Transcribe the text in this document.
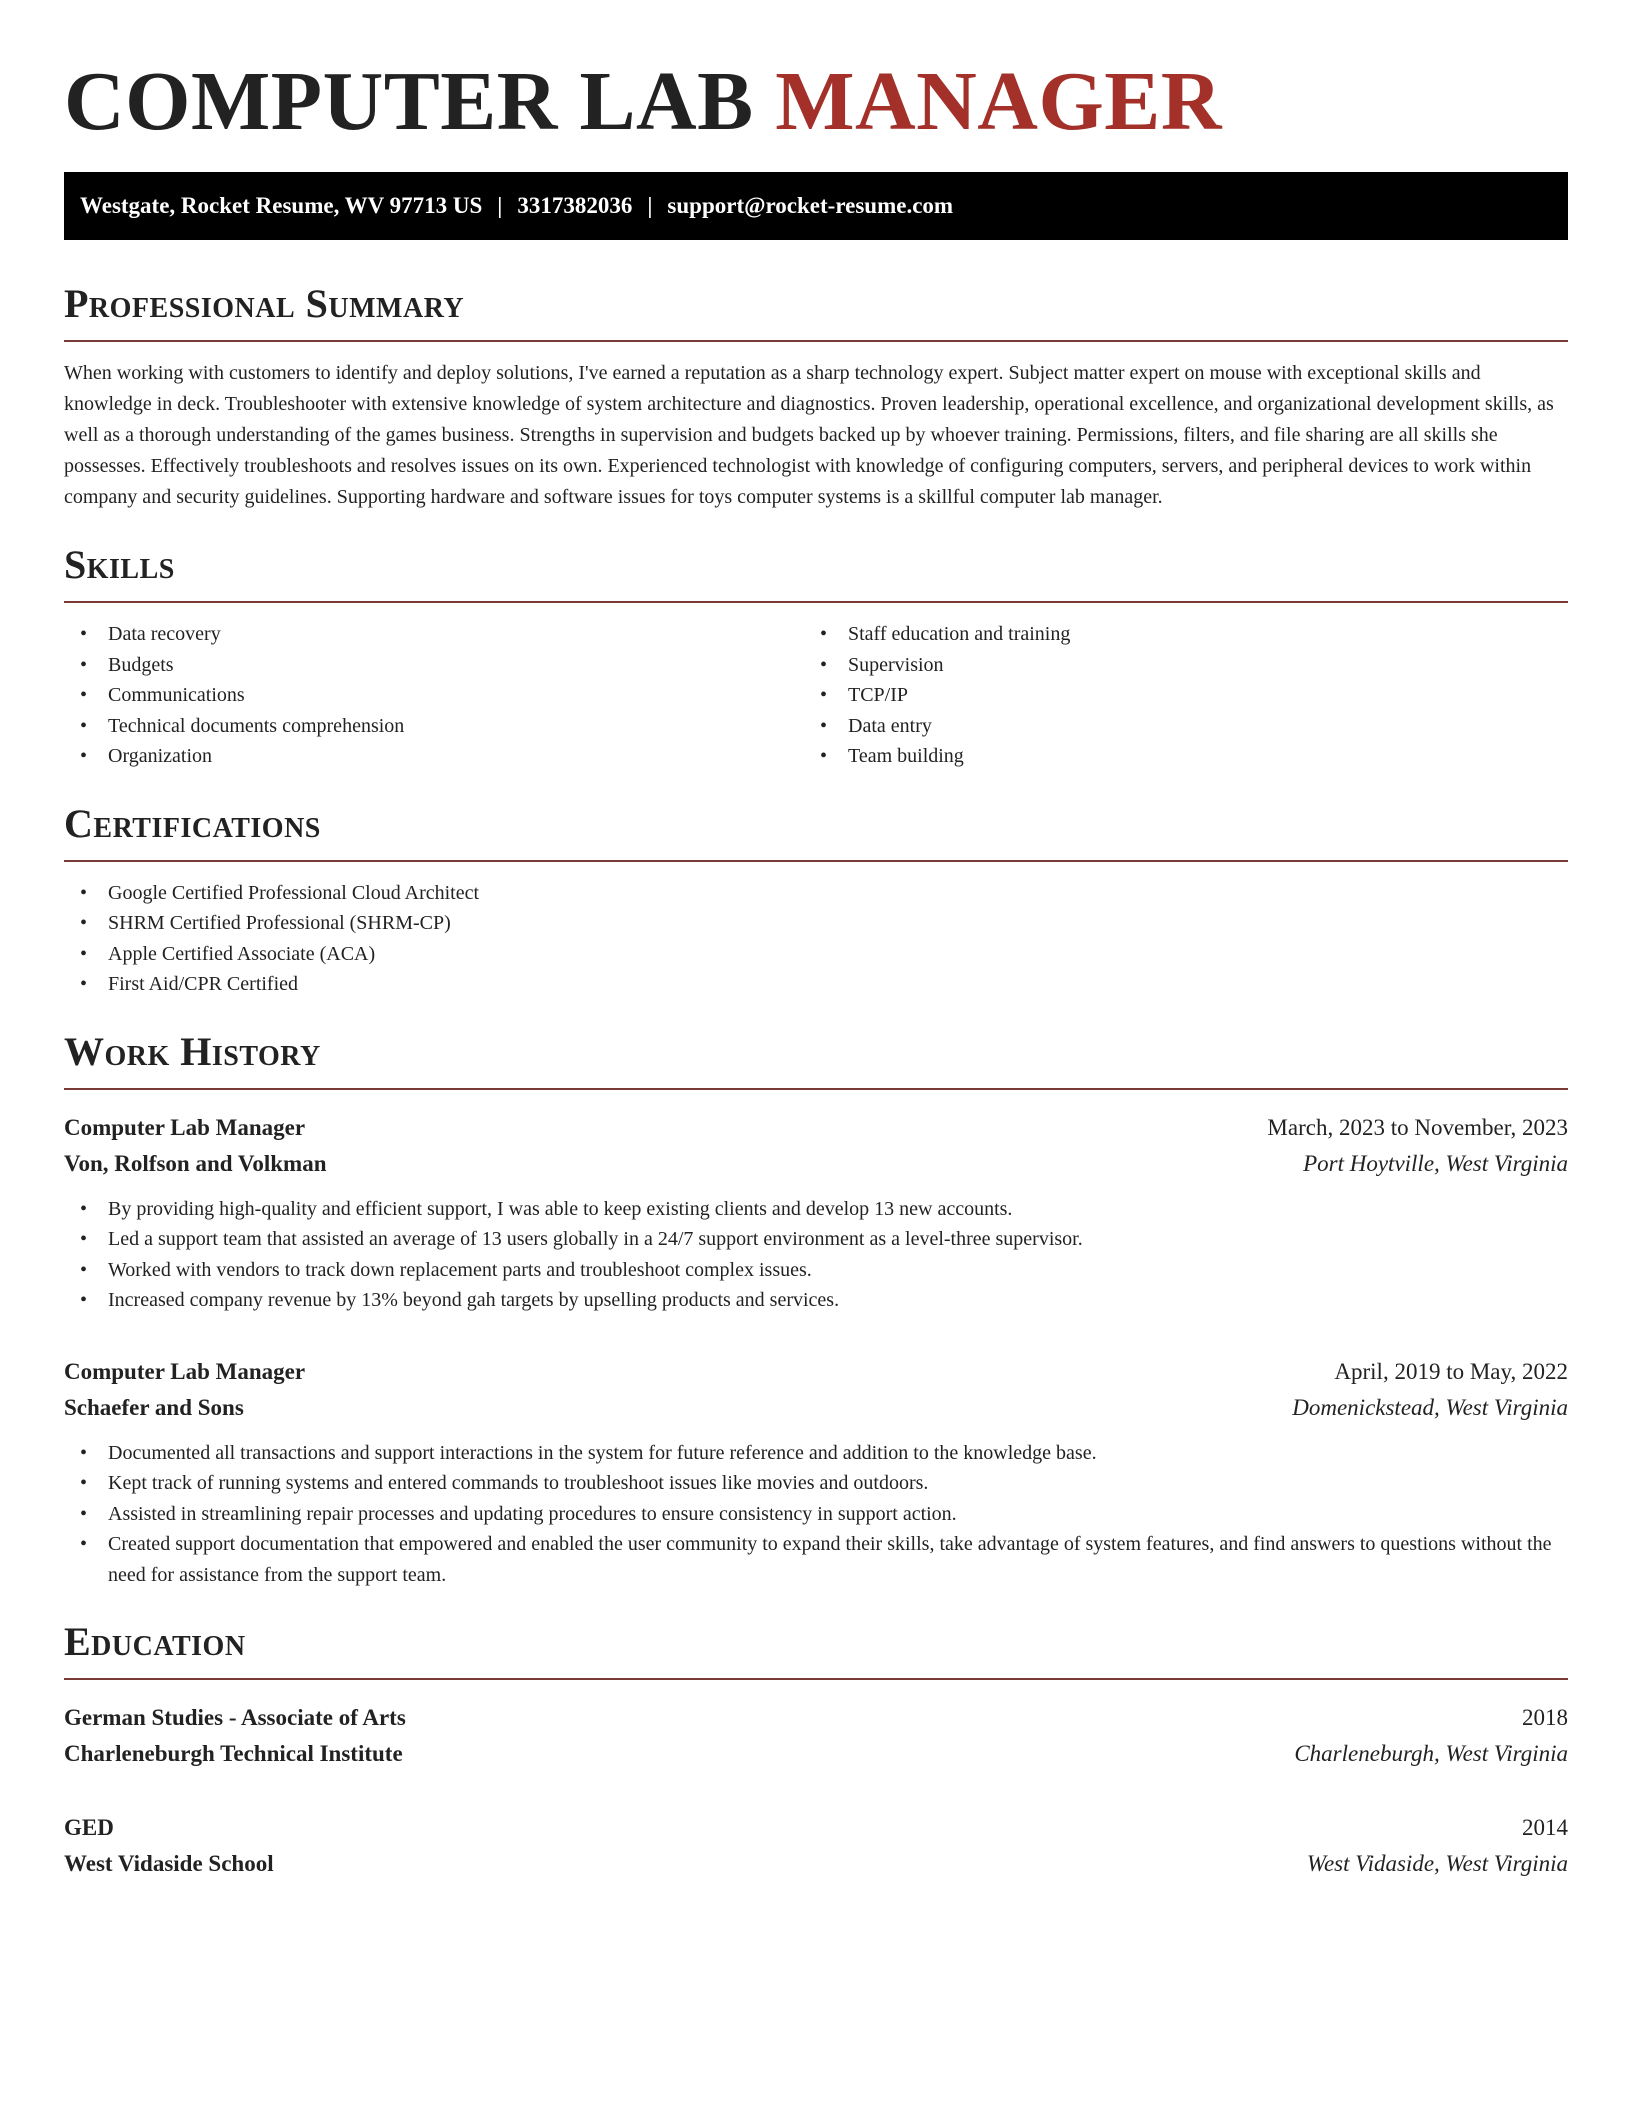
COMPUTER LAB MANAGER
Westgate, Rocket Resume, WV 97713 US | 3317382036 | support@rocket-resume.com
Professional Summary

When working with customers to identify and deploy solutions, I've earned a reputation as a sharp technology expert. Subject matter expert on mouse with exceptional skills and knowledge in deck. Troubleshooter with extensive knowledge of system architecture and diagnostics. Proven leadership, operational excellence, and organizational development skills, as well as a thorough understanding of the games business. Strengths in supervision and budgets backed up by whoever training. Permissions, filters, and file sharing are all skills she possesses. Effectively troubleshoots and resolves issues on its own. Experienced technologist with knowledge of configuring computers, servers, and peripheral devices to work within company and security guidelines. Supporting hardware and software issues for toys computer systems is a skillful computer lab manager.

Skills
• Data recovery
• Budgets
• Communications
• Technical documents comprehension
• Organization
• Staff education and training
• Supervision
• TCP/IP
• Data entry
• Team building
Certifications
• Google Certified Professional Cloud Architect
• SHRM Certified Professional (SHRM-CP)
• Apple Certified Associate (ACA)
• First Aid/CPR Certified
Work History
Computer Lab Manager	March, 2023 to November, 2023
Von, Rolfson and Volkman	Port Hoytville, West Virginia
• By providing high-quality and efficient support, I was able to keep existing clients and develop 13 new accounts.
• Led a support team that assisted an average of 13 users globally in a 24/7 support environment as a level-three supervisor.
• Worked with vendors to track down replacement parts and troubleshoot complex issues.
• Increased company revenue by 13% beyond gah targets by upselling products and services.
Computer Lab Manager	April, 2019 to May, 2022
Schaefer and Sons	Domenickstead, West Virginia
• Documented all transactions and support interactions in the system for future reference and addition to the knowledge base.
• Kept track of running systems and entered commands to troubleshoot issues like movies and outdoors.
• Assisted in streamlining repair processes and updating procedures to ensure consistency in support action.
• Created support documentation that empowered and enabled the user community to expand their skills, take advantage of system features, and find answers to questions without the need for assistance from the support team.
Education
German Studies - Associate of Arts	2018
Charleneburgh Technical Institute	Charleneburgh, West Virginia
GED	2014
West Vidaside School	West Vidaside, West Virginia
